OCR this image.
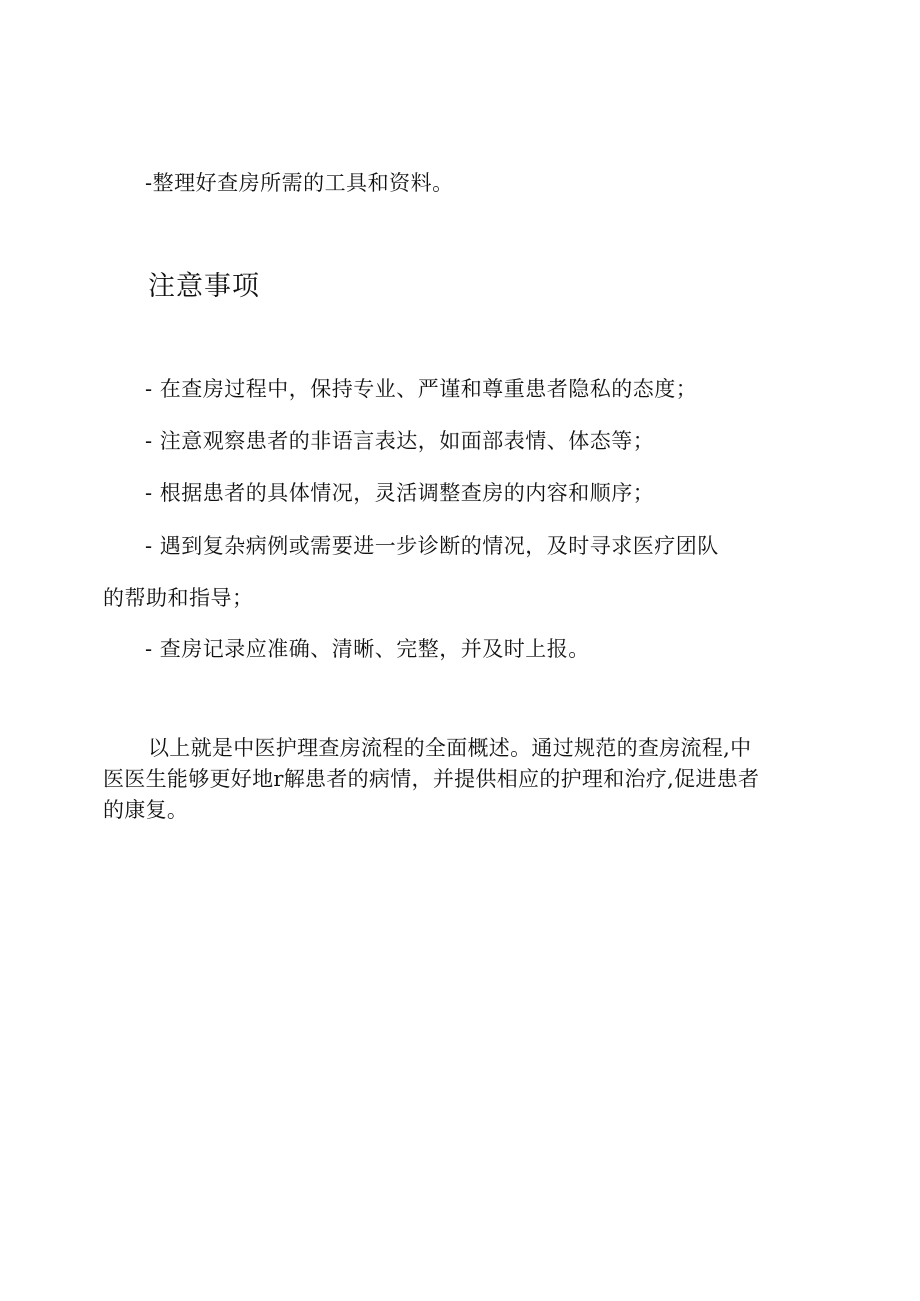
-整理好查房所需的工具和资料。
注意事项
- 在查房过程中，保持专业、严谨和尊重患者隐私的态度；
- 注意观察患者的非语言表达，如面部表情、体态等；
- 根据患者的具体情况，灵活调整查房的内容和顺序；
- 遇到复杂病例或需要进一步诊断的情况，及时寻求医疗团队
的帮助和指导；
- 查房记录应准确、清晰、完整，并及时上报。
以上就是中医护理查房流程的全面概述。通过规范的查房流程,中
医医生能够更好地r解患者的病情，并提供相应的护理和治疗,促进患者
的康复。
